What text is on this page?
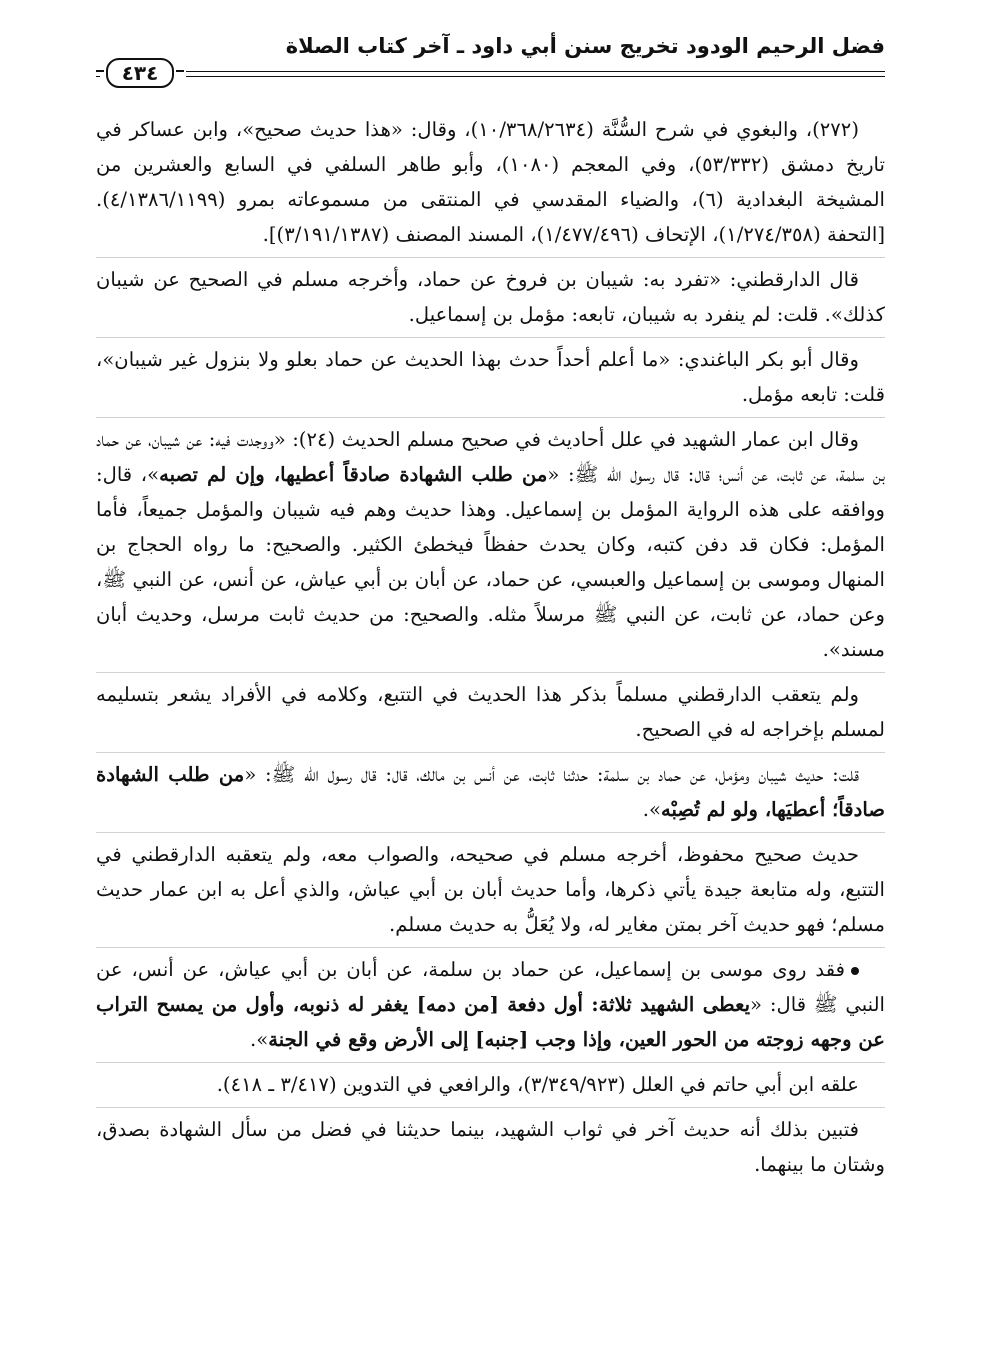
فضل الرحيم الودود تخريج سنن أبي داود ـ آخر كتاب الصلاة
٤٣٤

(٢٧٢)، والبغوي في شرح السُّنَّة (١٠/٣٦٨/٢٦٣٤)، وقال: «هذا حديث صحيح»، وابن عساكر في تاريخ دمشق (٥٣/٣٣٢)، وفي المعجم (١٠٨٠)، وأبو طاهر السلفي في السابع والعشرين من المشيخة البغدادية (٦)، والضياء المقدسي في المنتقى من مسموعاته بمرو (٤/١٣٨٦/١١٩٩). [التحفة (١/٢٧٤/٣٥٨)، الإتحاف (١/٤٧٧/٤٩٦)، المسند المصنف (٣/١٩١/١٣٨٧)].

قال الدارقطني: «تفرد به: شيبان بن فروخ عن حماد، وأخرجه مسلم في الصحيح عن شيبان كذلك». قلت: لم ينفرد به شيبان، تابعه: مؤمل بن إسماعيل.

وقال أبو بكر الباغندي: «ما أعلم أحداً حدث بهذا الحديث عن حماد بعلو ولا بنزول غير شيبان»، قلت: تابعه مؤمل.

وقال ابن عمار الشهيد في علل أحاديث في صحيح مسلم الحديث (٢٤): «ووجدت فيه: عن شيبان، عن حماد بن سلمة، عن ثابت، عن أنس؛ قال: قال رسول الله ﷺ: «من طلب الشهادة صادقاً أعطيها، وإن لم تصبه»، قال: ووافقه على هذه الرواية المؤمل بن إسماعيل. وهذا حديث وهم فيه شيبان والمؤمل جميعاً، فأما المؤمل: فكان قد دفن كتبه، وكان يحدث حفظاً فيخطئ الكثير. والصحيح: ما رواه الحجاج بن المنهال وموسى بن إسماعيل والعبسي، عن حماد، عن أبان بن أبي عياش، عن أنس، عن النبي ﷺ، وعن حماد، عن ثابت، عن النبي ﷺ مرسلاً مثله. والصحيح: من حديث ثابت مرسل، وحديث أبان مسند».

ولم يتعقب الدارقطني مسلماً بذكر هذا الحديث في التتبع، وكلامه في الأفراد يشعر بتسليمه لمسلم بإخراجه له في الصحيح.

قلت: حديث شيبان ومؤمل، عن حماد بن سلمة: حدثنا ثابت، عن أنس بن مالك، قال: قال رسول الله ﷺ: «من طلب الشهادة صادقاً؛ أعطيَها، ولو لم تُصِبْه».

حديث صحيح محفوظ، أخرجه مسلم في صحيحه، والصواب معه، ولم يتعقبه الدارقطني في التتبع، وله متابعة جيدة يأتي ذكرها، وأما حديث أبان بن أبي عياش، والذي أعل به ابن عمار حديث مسلم؛ فهو حديث آخر بمتن مغاير له، ولا يُعَلُّ به حديث مسلم.

فقد روى موسى بن إسماعيل، عن حماد بن سلمة، عن أبان بن أبي عياش، عن أنس، عن النبي ﷺ قال: «يعطى الشهيد ثلاثة: أول دفعة [من دمه] يغفر له ذنوبه، وأول من يمسح التراب عن وجهه زوجته من الحور العين، وإذا وجب [جنبه] إلى الأرض وقع في الجنة».

علقه ابن أبي حاتم في العلل (٣/٣٤٩/٩٢٣)، والرافعي في التدوين (٣/٤١٧ ـ ٤١٨).

فتبين بذلك أنه حديث آخر في ثواب الشهيد، بينما حديثنا في فضل من سأل الشهادة بصدق، وشتان ما بينهما.
